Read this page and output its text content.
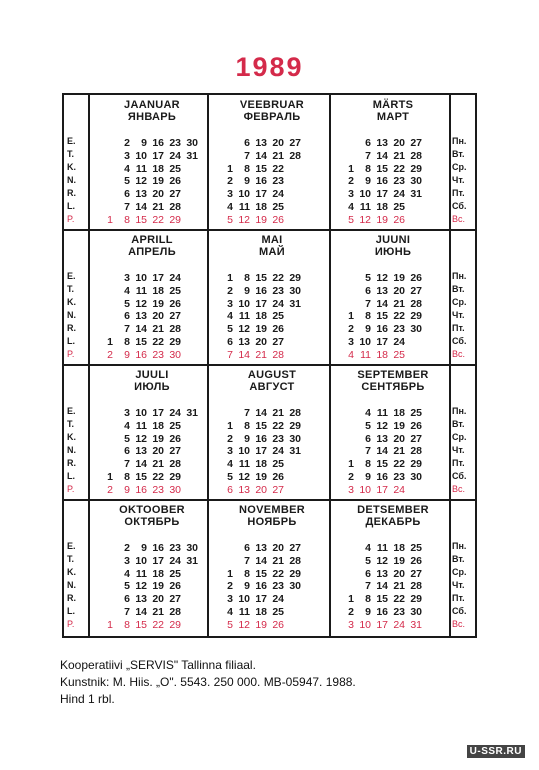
1989
E.
T.
K.
N.
R.
L.
P.
Пн.
Вт.
Ср.
Чт.
Пт.
Сб.
Вс.
E.
T.
K.
N.
R.
L.
P.
Пн.
Вт.
Ср.
Чт.
Пт.
Сб.
Вс.
E.
T.
K.
N.
R.
L.
P.
Пн.
Вт.
Ср.
Чт.
Пт.
Сб.
Вс.
E.
T.
K.
N.
R.
L.
P.
Пн.
Вт.
Ср.
Чт.
Пт.
Сб.
Вс.
JAANUAR
ЯНВАРЬ
2 9 16 23 30
3 10 17 24 31
4 11 18 25
5 12 19 26
6 13 20 27
7 14 21 28
1 8 15 22 29
VEEBRUAR
ФЕВРАЛЬ
6 13 20 27
7 14 21 28
1 8 15 22
2 9 16 23
3 10 17 24
4 11 18 25
5 12 19 26
MÄRTS
МАРТ
6 13 20 27
7 14 21 28
1 8 15 22 29
2 9 16 23 30
3 10 17 24 31
4 11 18 25
5 12 19 26
APRILL
АПРЕЛЬ
3 10 17 24
4 11 18 25
5 12 19 26
6 13 20 27
7 14 21 28
1 8 15 22 29
2 9 16 23 30
MAI
МАЙ
1 8 15 22 29
2 9 16 23 30
3 10 17 24 31
4 11 18 25
5 12 19 26
6 13 20 27
7 14 21 28
JUUNI
ИЮНЬ
5 12 19 26
6 13 20 27
7 14 21 28
1 8 15 22 29
2 9 16 23 30
3 10 17 24
4 11 18 25
JUULI
ИЮЛЬ
3 10 17 24 31
4 11 18 25
5 12 19 26
6 13 20 27
7 14 21 28
1 8 15 22 29
2 9 16 23 30
AUGUST
АВГУСТ
7 14 21 28
1 8 15 22 29
2 9 16 23 30
3 10 17 24 31
4 11 18 25
5 12 19 26
6 13 20 27
SEPTEMBER
СЕНТЯБРЬ
4 11 18 25
5 12 19 26
6 13 20 27
7 14 21 28
1 8 15 22 29
2 9 16 23 30
3 10 17 24
OKTOOBER
ОКТЯБРЬ
2 9 16 23 30
3 10 17 24 31
4 11 18 25
5 12 19 26
6 13 20 27
7 14 21 28
1 8 15 22 29
NOVEMBER
НОЯБРЬ
6 13 20 27
7 14 21 28
1 8 15 22 29
2 9 16 23 30
3 10 17 24
4 11 18 25
5 12 19 26
DETSEMBER
ДЕКАБРЬ
4 11 18 25
5 12 19 26
6 13 20 27
7 14 21 28
1 8 15 22 29
2 9 16 23 30
3 10 17 24 31
Kooperatiivi „SERVIS" Tallinna filiaal.
Kunstnik: M. Hiis. „O". 5543. 250 000. MB-05947. 1988.
Hind 1 rbl.
U-SSR.RU
